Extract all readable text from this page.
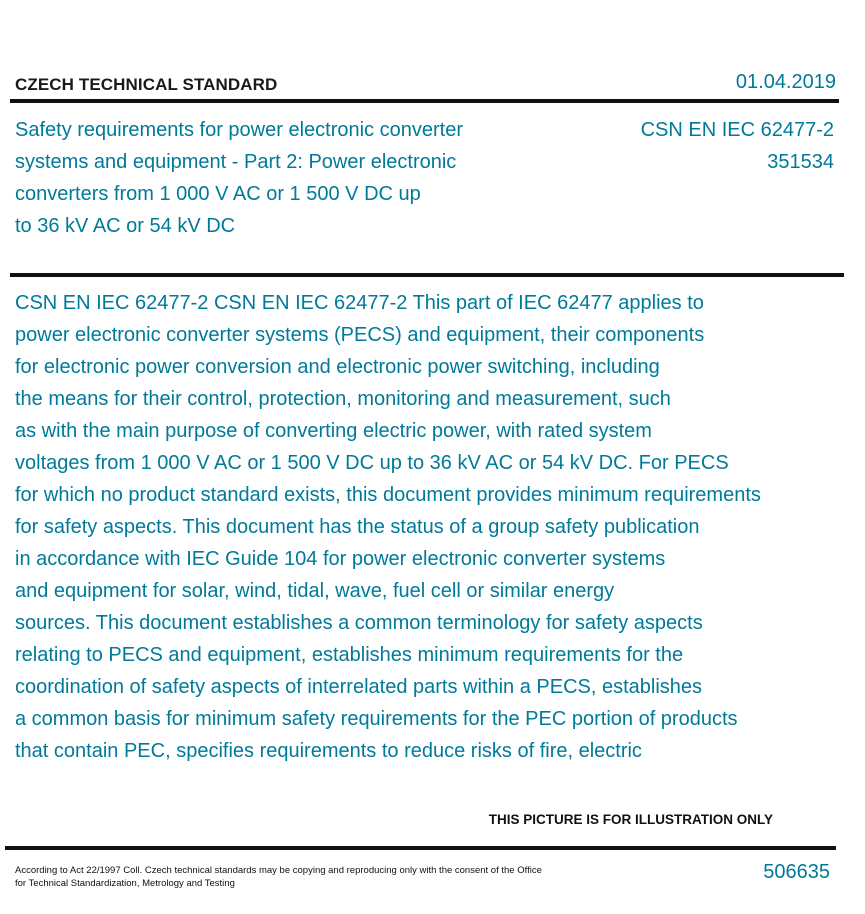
CZECH TECHNICAL STANDARD	01.04.2019
Safety requirements for power electronic converter
systems and equipment - Part 2: Power electronic
converters from 1 000 V AC or 1 500 V DC up
to 36 kV AC or 54 kV DC
CSN EN IEC 62477-2
351534
CSN EN IEC 62477-2 CSN EN IEC 62477-2 This part of IEC 62477 applies to
power electronic converter systems (PECS) and equipment, their components
for electronic power conversion and electronic power switching, including
the means for their control, protection, monitoring and measurement, such
as with the main purpose of converting electric power, with rated system
voltages from 1 000 V AC or 1 500 V DC up to 36 kV AC or 54 kV DC. For PECS
for which no product standard exists, this document provides minimum requirements
for safety aspects. This document has the status of a group safety publication
in accordance with IEC Guide 104 for power electronic converter systems
and equipment for solar, wind, tidal, wave, fuel cell or similar energy
sources. This document establishes a common terminology for safety aspects
relating to PECS and equipment, establishes minimum requirements for the
coordination of safety aspects of interrelated parts within a PECS, establishes
a common basis for minimum safety requirements for the PEC portion of products
that contain PEC, specifies requirements to reduce risks of fire, electric
THIS PICTURE IS FOR ILLUSTRATION ONLY
According to Act 22/1997 Coll. Czech technical standards may be copying and reproducing only with the consent of the Office
for Technical Standardization, Metrology and Testing
506635
